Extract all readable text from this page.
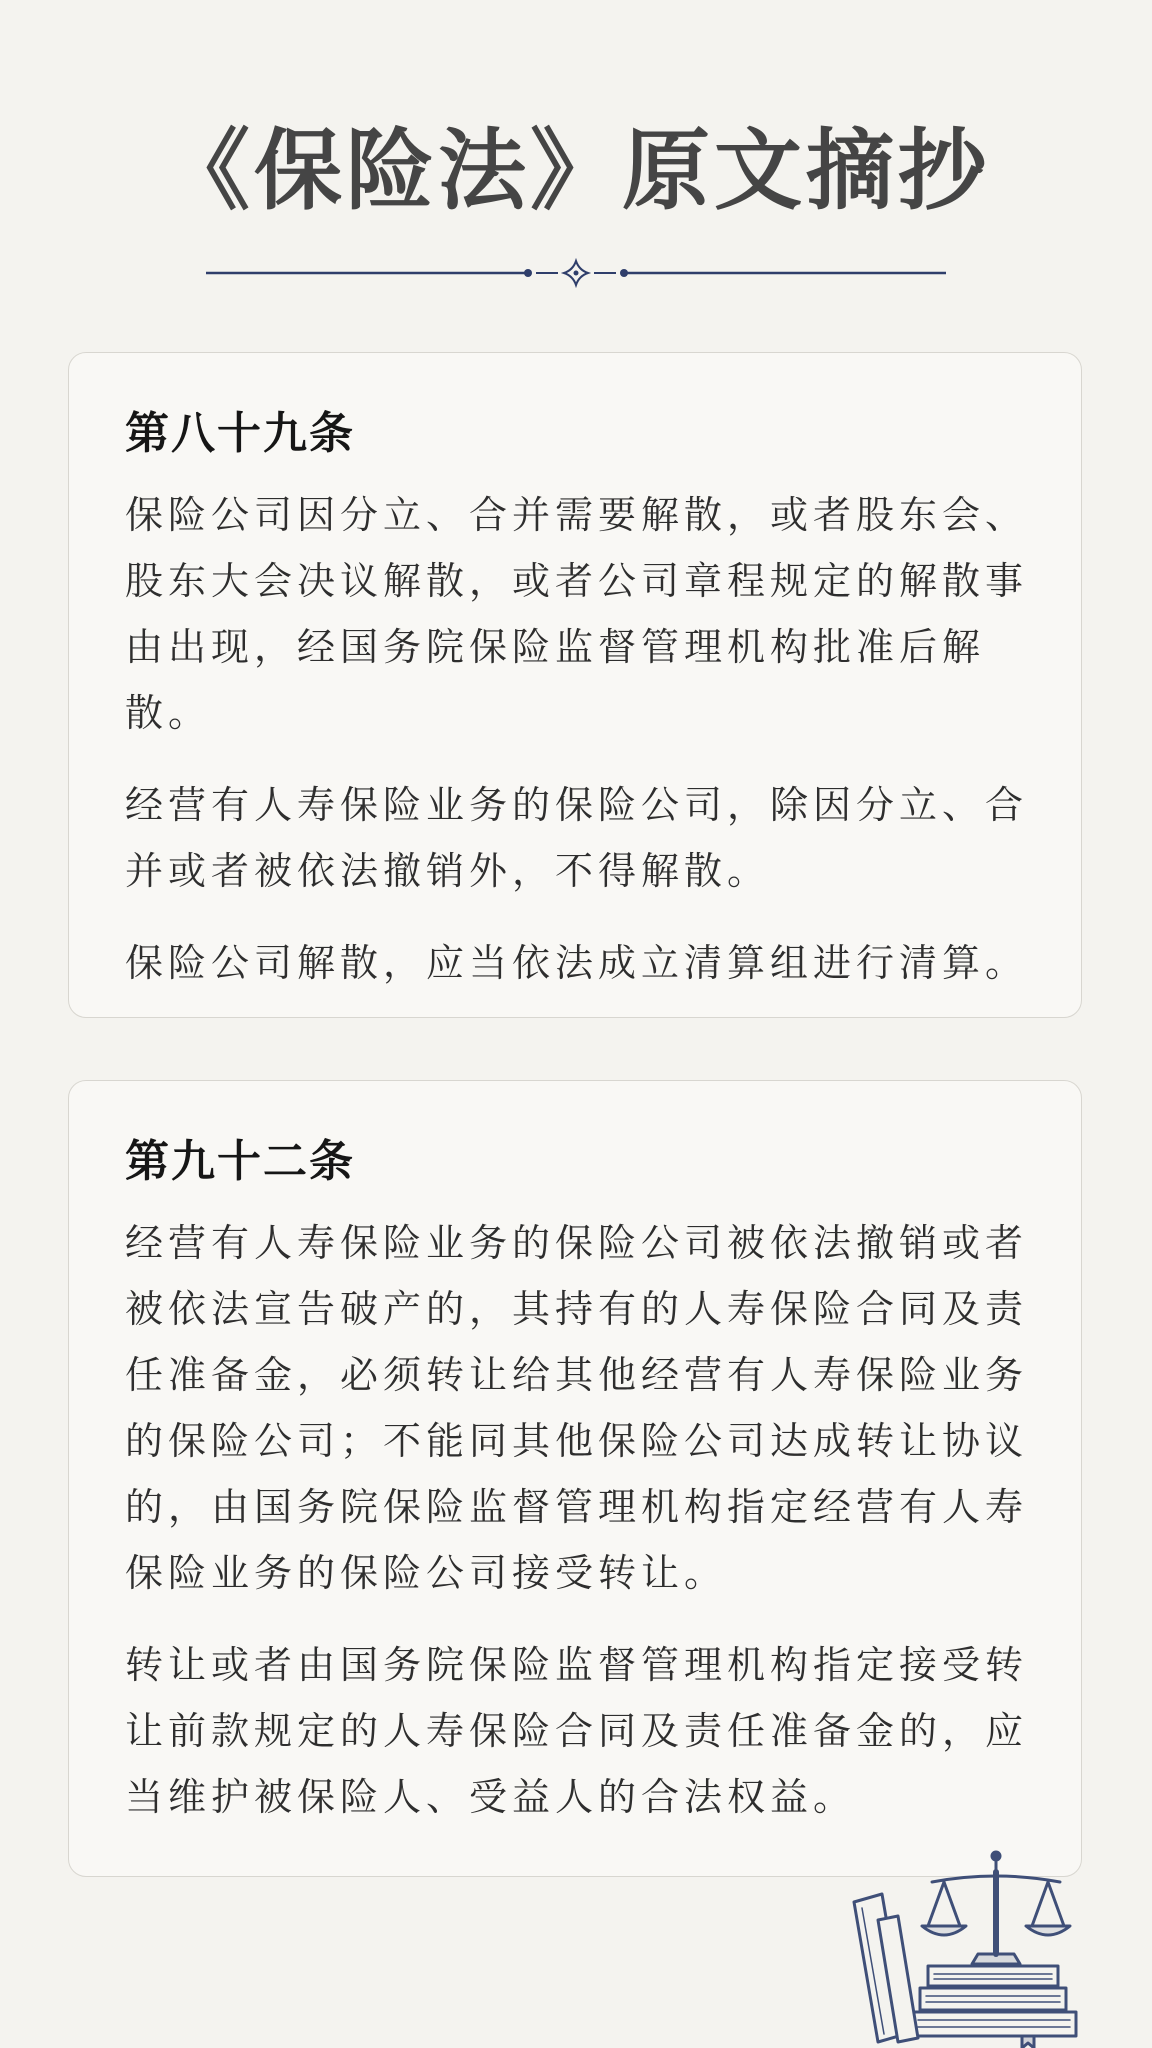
《保险法》原文摘抄
第八十九条

保险公司因分立、合并需要解散，或者股东会、股东大会决议解散，或者公司章程规定的解散事由出现，经国务院保险监督管理机构批准后解散。

经营有人寿保险业务的保险公司，除因分立、合并或者被依法撤销外，不得解散。

保险公司解散，应当依法成立清算组进行清算。

第九十二条

经营有人寿保险业务的保险公司被依法撤销或者被依法宣告破产的，其持有的人寿保险合同及责任准备金，必须转让给其他经营有人寿保险业务的保险公司；不能同其他保险公司达成转让协议的，由国务院保险监督管理机构指定经营有人寿保险业务的保险公司接受转让。

转让或者由国务院保险监督管理机构指定接受转让前款规定的人寿保险合同及责任准备金的，应当维护被保险人、受益人的合法权益。
